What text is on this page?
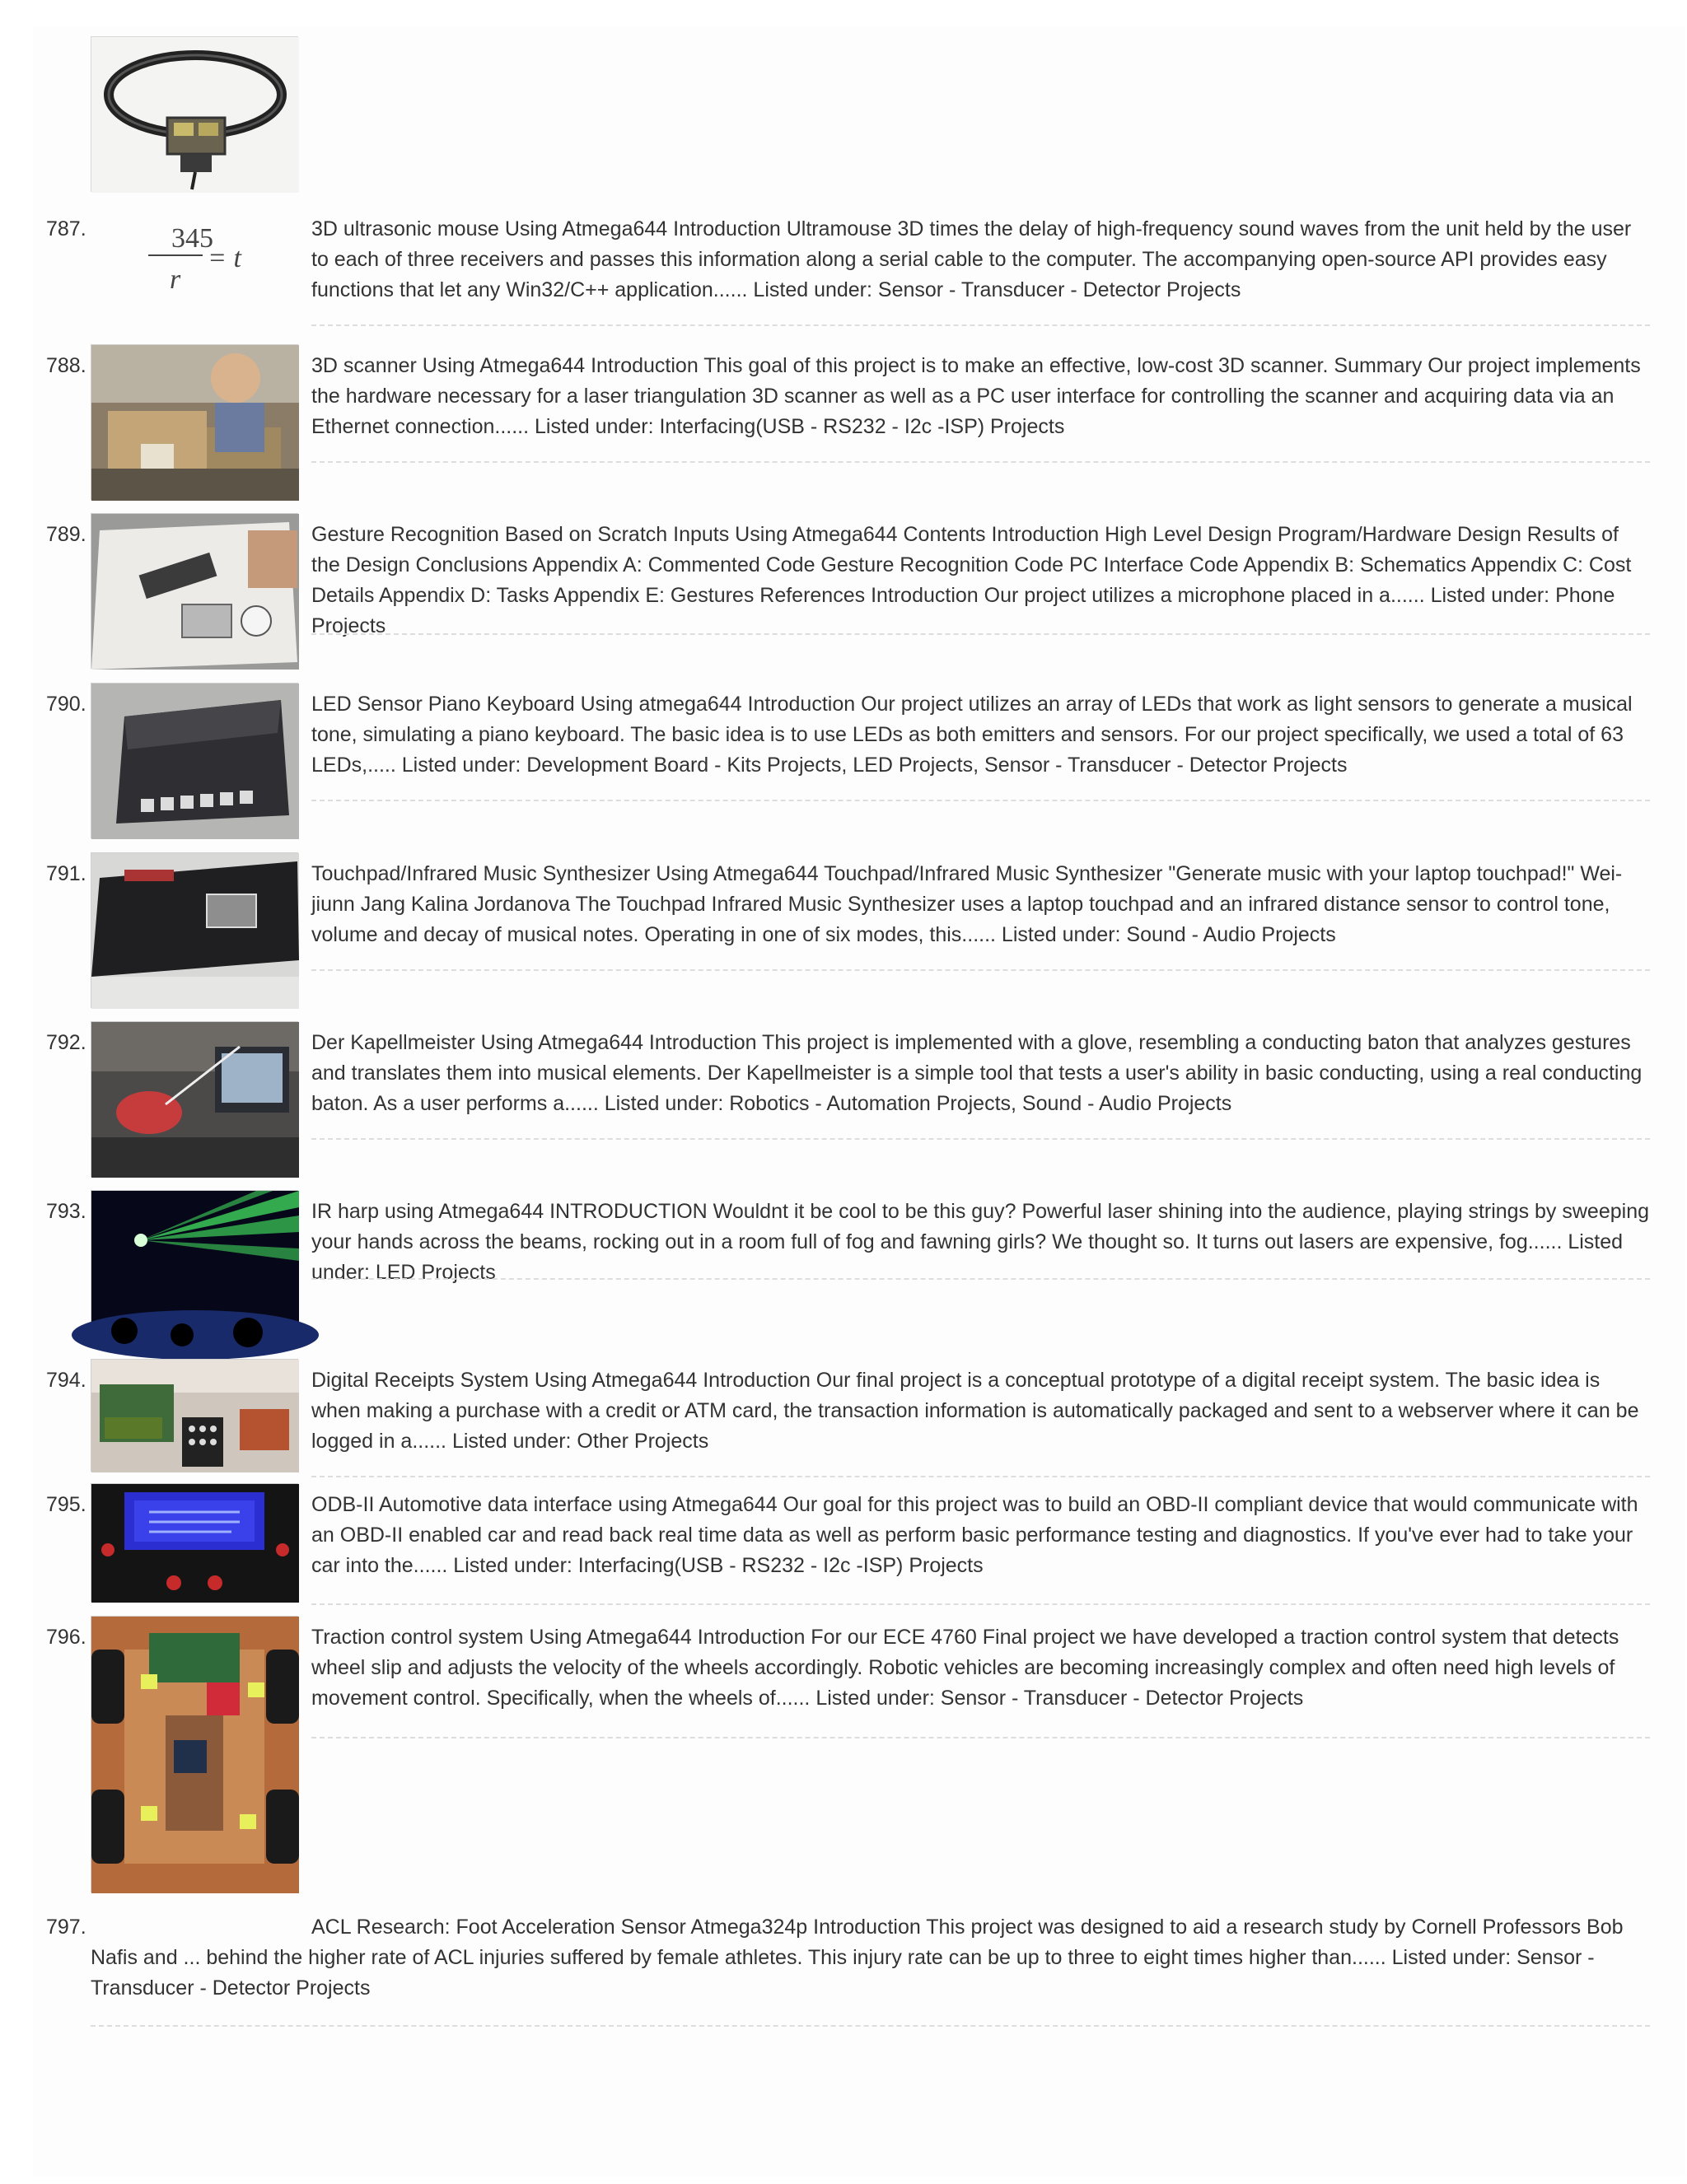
787.	345
r
= t
3D ultrasonic mouse Using Atmega644 Introduction Ultramouse 3D times the delay of high-frequency sound waves from the unit held by the user to each of three receivers and passes this information along a serial cable to the computer. The accompanying open-source API provides easy functions that let any Win32/C++ application...... Listed under: Sensor - Transducer - Detector Projects
788.	3D scanner Using Atmega644 Introduction This goal of this project is to make an effective, low-cost 3D scanner. Summary Our project implements the hardware necessary for a laser triangulation 3D scanner as well as a PC user interface for controlling the scanner and acquiring data via an Ethernet connection...... Listed under: Interfacing(USB - RS232 - I2c -ISP) Projects
789.	Gesture Recognition Based on Scratch Inputs Using Atmega644 Contents Introduction High Level Design Program/Hardware Design Results of the Design Conclusions Appendix A: Commented Code Gesture Recognition Code PC Interface Code Appendix B: Schematics Appendix C: Cost Details Appendix D: Tasks Appendix E: Gestures References Introduction Our project utilizes a microphone placed in a...... Listed under: Phone Projects
790.	LED Sensor Piano Keyboard Using atmega644 Introduction Our project utilizes an array of LEDs that work as light sensors to generate a musical tone, simulating a piano keyboard. The basic idea is to use LEDs as both emitters and sensors. For our project specifically, we used a total of 63 LEDs,..... Listed under: Development Board - Kits Projects, LED Projects, Sensor - Transducer - Detector Projects
791.	Touchpad/Infrared Music Synthesizer Using Atmega644 Touchpad/Infrared Music Synthesizer "Generate music with your laptop touchpad!" Wei-jiunn Jang Kalina Jordanova The Touchpad Infrared Music Synthesizer uses a laptop touchpad and an infrared distance sensor to control tone, volume and decay of musical notes. Operating in one of six modes, this...... Listed under: Sound - Audio Projects
792.	Der Kapellmeister Using Atmega644 Introduction This project is implemented with a glove, resembling a conducting baton that analyzes gestures and translates them into musical elements. Der Kapellmeister is a simple tool that tests a user's ability in basic conducting, using a real conducting baton. As a user performs a...... Listed under: Robotics - Automation Projects, Sound - Audio Projects
793.	IR harp using Atmega644 INTRODUCTION Wouldnt it be cool to be this guy? Powerful laser shining into the audience, playing strings by sweeping your hands across the beams, rocking out in a room full of fog and fawning girls? We thought so. It turns out lasers are expensive, fog...... Listed under: LED Projects
794.	Digital Receipts System Using Atmega644 Introduction Our final project is a conceptual prototype of a digital receipt system. The basic idea is when making a purchase with a credit or ATM card, the transaction information is automatically packaged and sent to a webserver where it can be logged in a...... Listed under: Other Projects
795.	ODB-II Automotive data interface using Atmega644 Our goal for this project was to build an OBD-II compliant device that would communicate with an OBD-II enabled car and read back real time data as well as perform basic performance testing and diagnostics. If you've ever had to take your car into the...... Listed under: Interfacing(USB - RS232 - I2c -ISP) Projects
796.	Traction control system Using Atmega644 Introduction For our ECE 4760 Final project we have developed a traction control system that detects wheel slip and adjusts the velocity of the wheels accordingly. Robotic vehicles are becoming increasingly complex and often need high levels of movement control. Specifically, when the wheels of...... Listed under: Sensor - Transducer - Detector Projects
797.	ACL Research: Foot Acceleration Sensor Atmega324p Introduction This project was designed to aid a research study by Cornell Professors Bob Nafis and ... behind the higher rate of ACL injuries suffered by female athletes. This injury rate can be up to three to eight times higher than...... Listed under: Sensor - Transducer - Detector Projects
